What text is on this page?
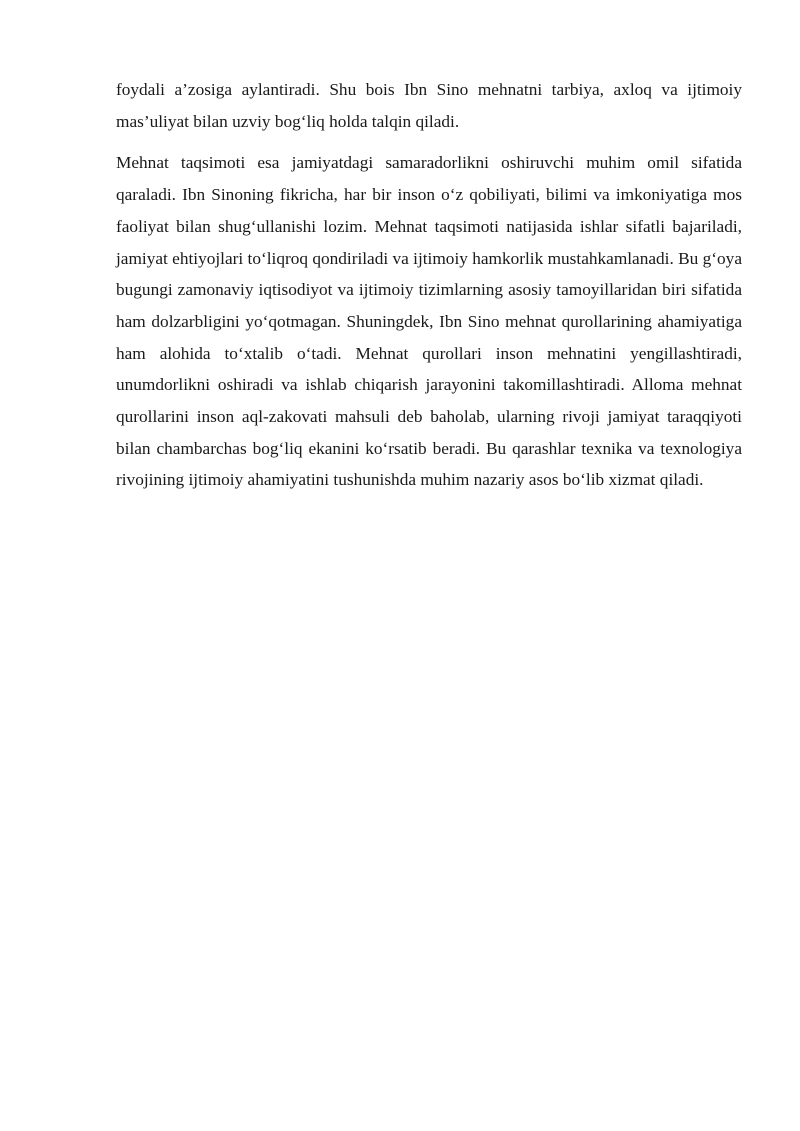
foydali a’zosiga aylantiradi. Shu bois Ibn Sino mehnatni tarbiya, axloq va ijtimoiy mas’uliyat bilan uzviy bog‘liq holda talqin qiladi.

Mehnat taqsimoti esa jamiyatdagi samaradorlikni oshiruvchi muhim omil sifatida qaraladi. Ibn Sinoning fikricha, har bir inson o‘z qobiliyati, bilimi va imkoniyatiga mos faoliyat bilan shug‘ullanishi lozim. Mehnat taqsimoti natijasida ishlar sifatli bajariladi, jamiyat ehtiyojlari to‘liqroq qondiriladi va ijtimoiy hamkorlik mustahkamlanadi. Bu g‘oya bugungi zamonaviy iqtisodiyot va ijtimoiy tizimlarning asosiy tamoyillaridan biri sifatida ham dolzarbligini yo‘qotmagan. Shuningdek, Ibn Sino mehnat qurollarining ahamiyatiga ham alohida to‘xtalib o‘tadi. Mehnat qurollari inson mehnatini yengillashtiradi, unumdorlikni oshiradi va ishlab chiqarish jarayonini takomillashtiradi. Alloma mehnat qurollarini inson aql-zakovati mahsuli deb baholab, ularning rivoji jamiyat taraqqiyoti bilan chambarchas bog‘liq ekanini ko‘rsatib beradi. Bu qarashlar texnika va texnologiya rivojining ijtimoiy ahamiyatini tushunishda muhim nazariy asos bo‘lib xizmat qiladi.
